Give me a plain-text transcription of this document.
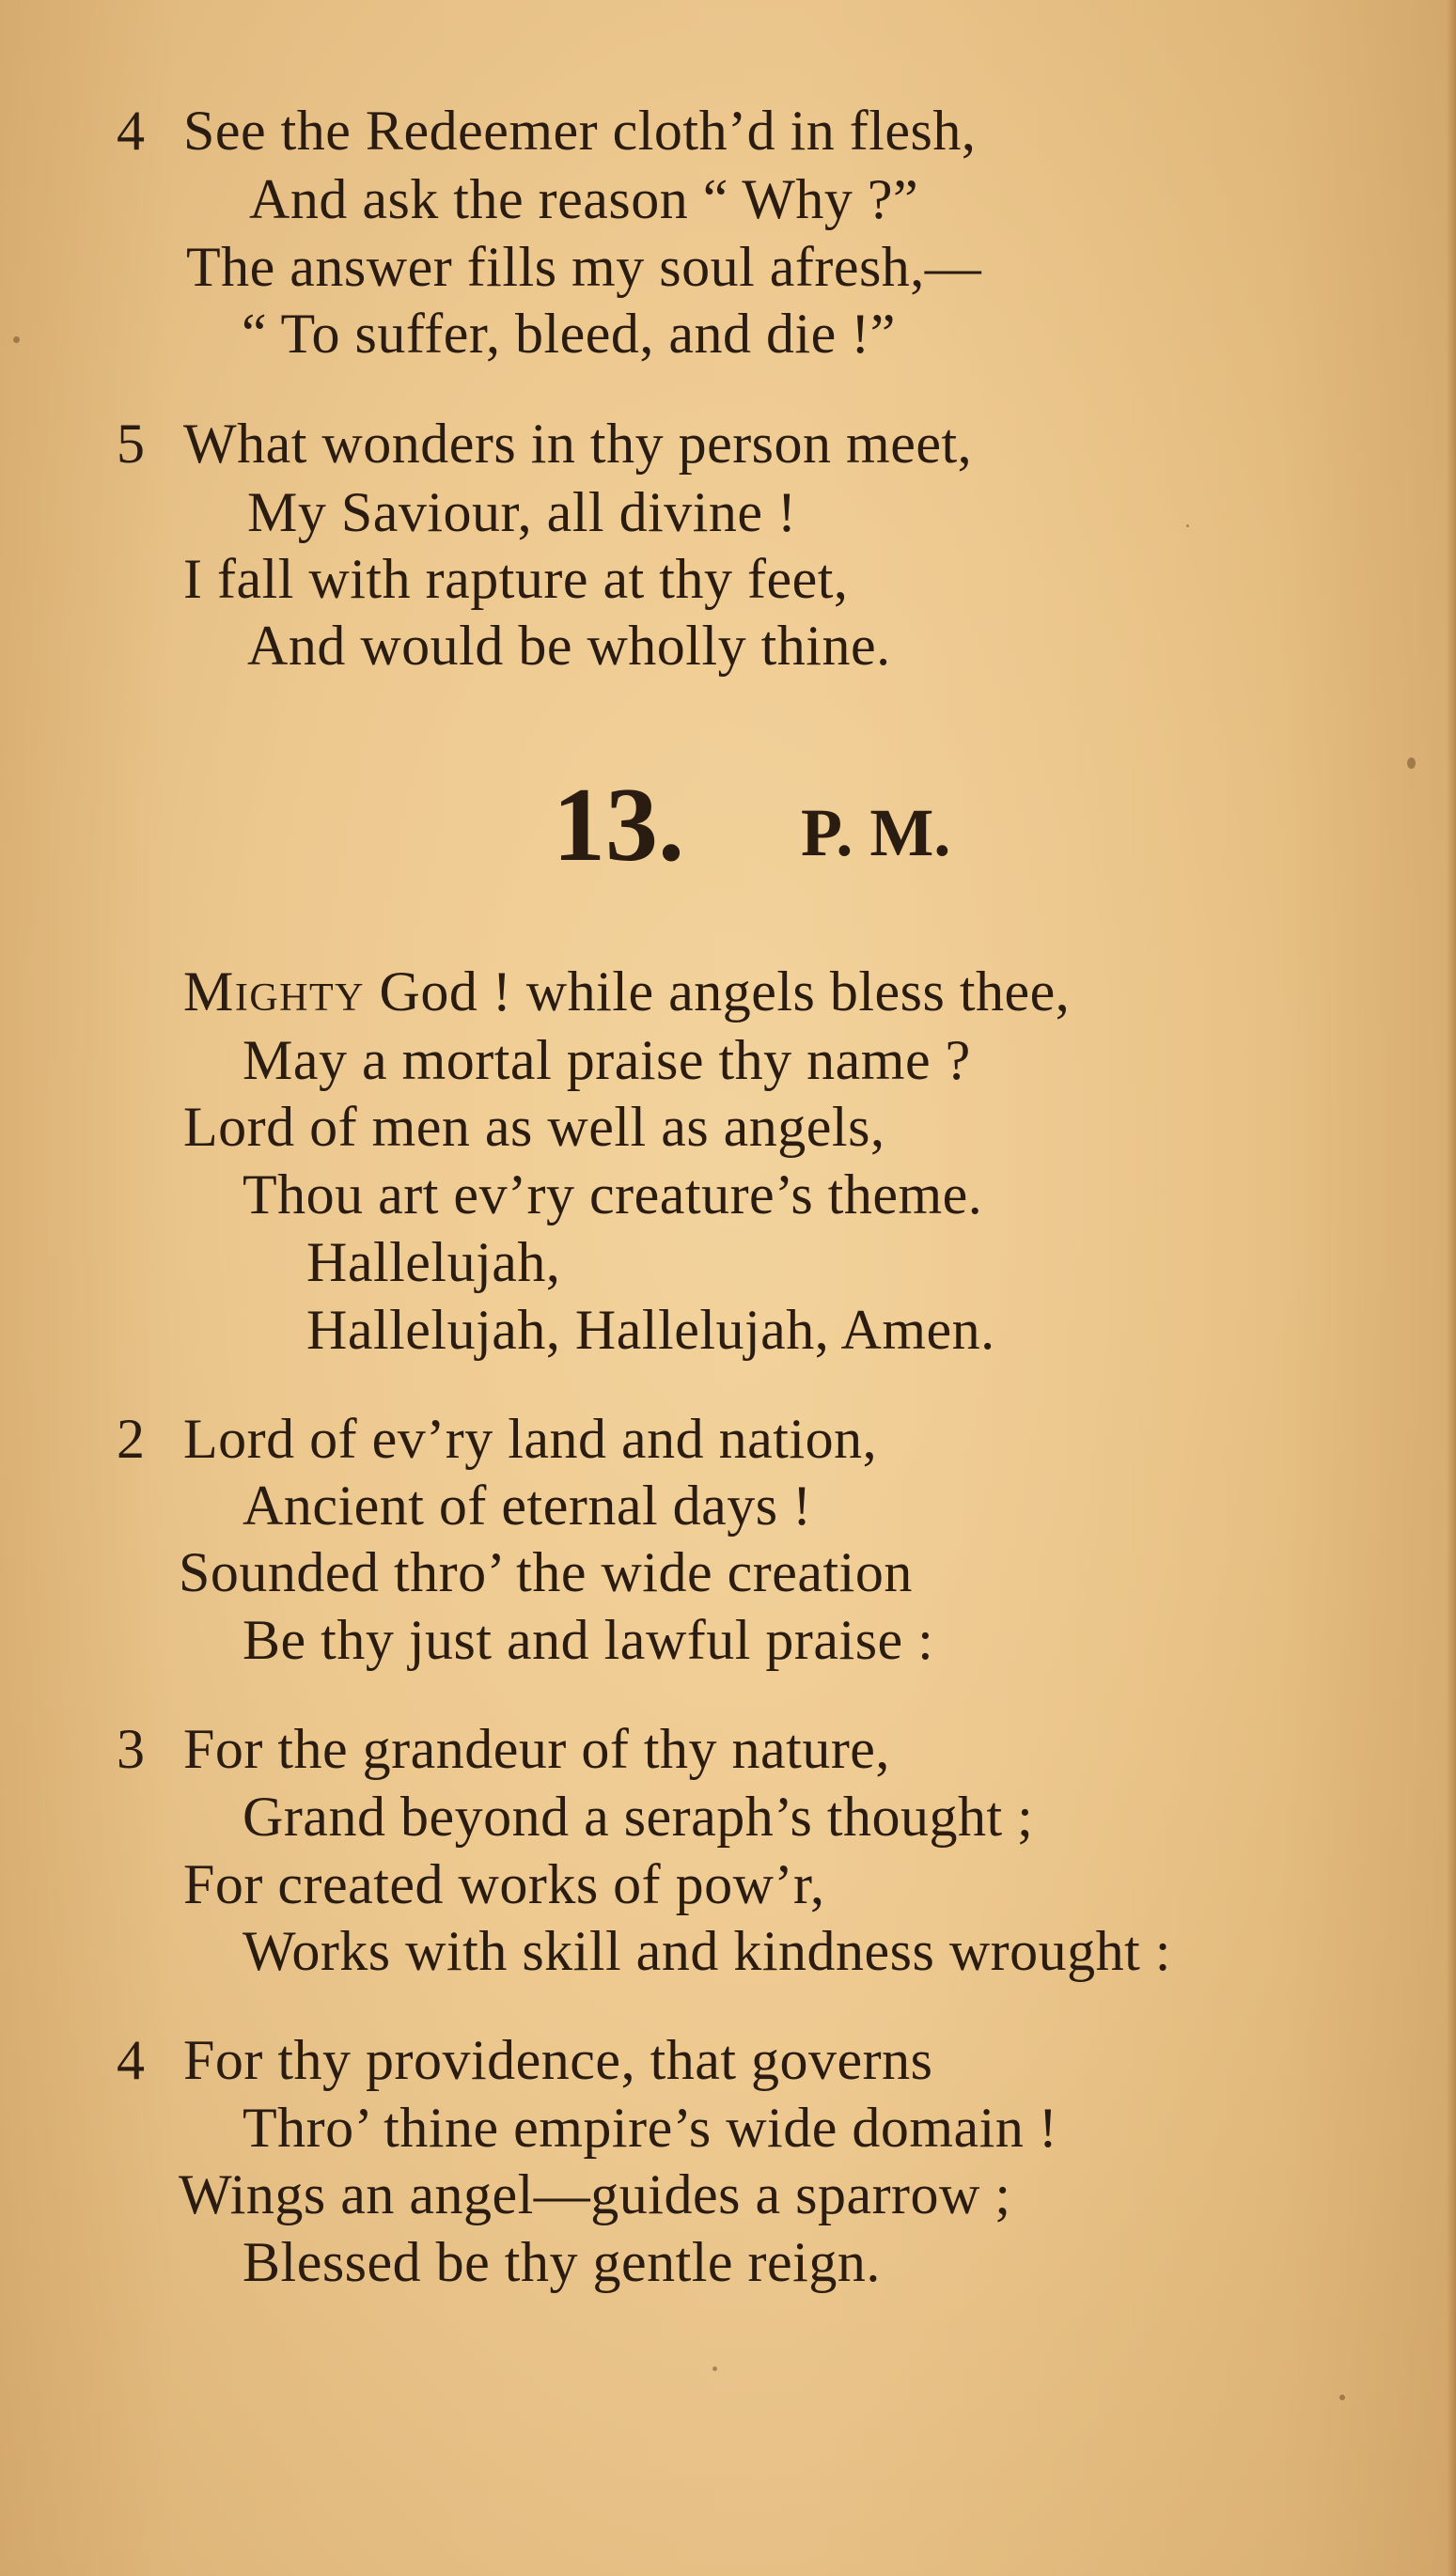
4 See the Redeemer cloth’d in flesh,
And ask the reason “ Why ?”
The answer fills my soul afresh,—
“ To suffer, bleed, and die !”
5 What wonders in thy person meet,
My Saviour, all divine !
I fall with rapture at thy feet,
And would be wholly thine.
13. P. M.
Mighty God ! while angels bless thee,
May a mortal praise thy name ?
Lord of men as well as angels,
Thou art ev’ry creature’s theme.
Hallelujah,
Hallelujah, Hallelujah, Amen.
2 Lord of ev’ry land and nation,
Ancient of eternal days !
Sounded thro’ the wide creation
Be thy just and lawful praise :
3 For the grandeur of thy nature,
Grand beyond a seraph’s thought ;
For created works of pow’r,
Works with skill and kindness wrought :
4 For thy providence, that governs
Thro’ thine empire’s wide domain !
Wings an angel—guides a sparrow ;
Blessed be thy gentle reign.
